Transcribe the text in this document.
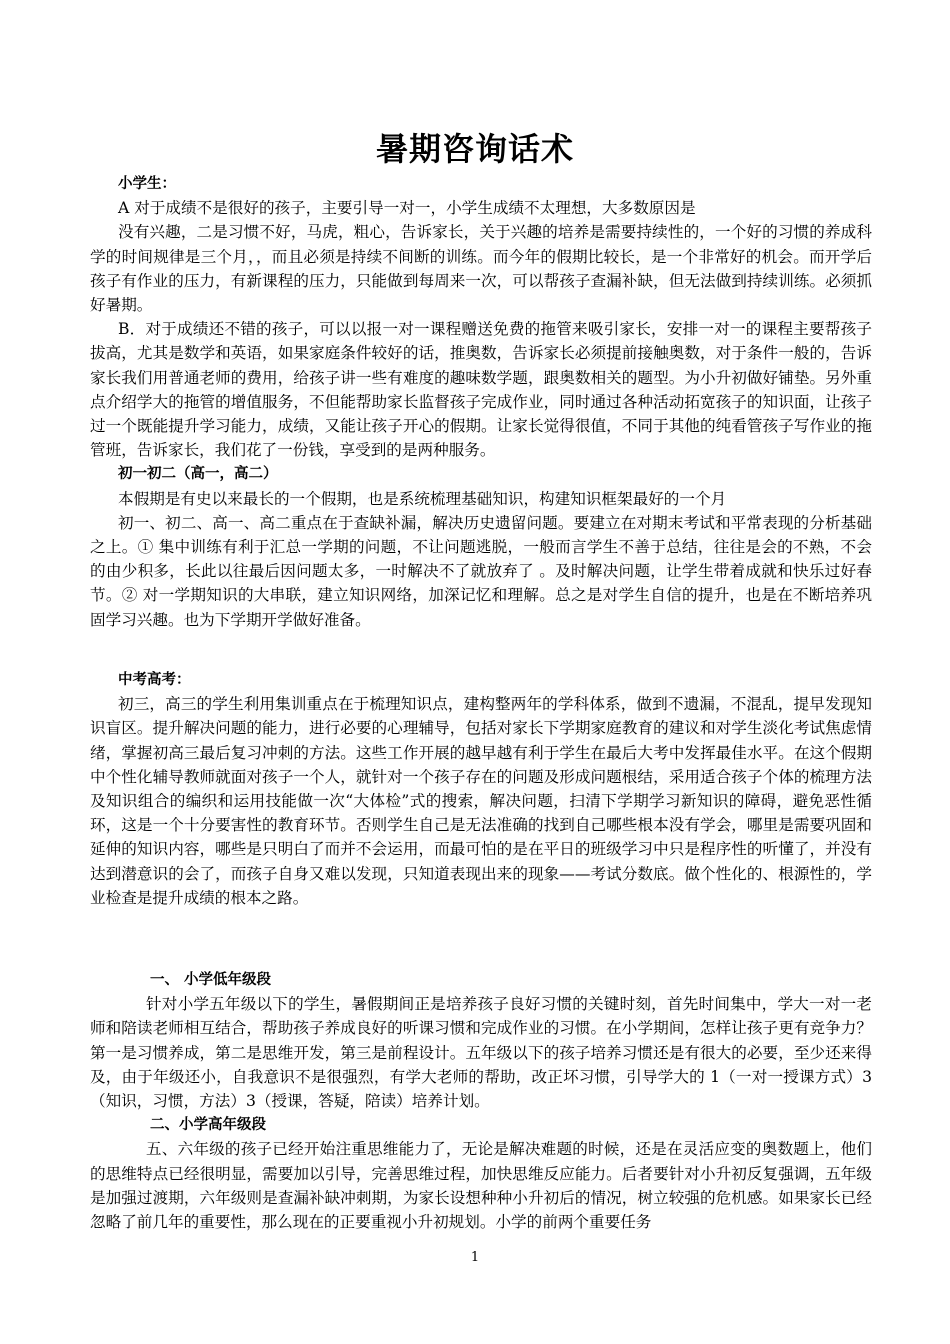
暑期咨询话术

小学生：

A 对于成绩不是很好的孩子，主要引导一对一，小学生成绩不太理想，大多数原因是

没有兴趣，二是习惯不好，马虎，粗心，告诉家长，关于兴趣的培养是需要持续性的，一个好的习惯的养成科学的时间规律是三个月，，而且必须是持续不间断的训练。而今年的假期比较长，是一个非常好的机会。而开学后孩子有作业的压力，有新课程的压力，只能做到每周来一次，可以帮孩子查漏补缺，但无法做到持续训练。必须抓好暑期。

B．对于成绩还不错的孩子，可以以报一对一课程赠送免费的拖管来吸引家长，安排一对一的课程主要帮孩子拔高，尤其是数学和英语，如果家庭条件较好的话，推奥数，告诉家长必须提前接触奥数，对于条件一般的，告诉家长我们用普通老师的费用，给孩子讲一些有难度的趣味数学题，跟奥数相关的题型。为小升初做好铺垫。另外重点介绍学大的拖管的增值服务，不但能帮助家长监督孩子完成作业，同时通过各种活动拓宽孩子的知识面，让孩子过一个既能提升学习能力，成绩，又能让孩子开心的假期。让家长觉得很值，不同于其他的纯看管孩子写作业的拖管班，告诉家长，我们花了一份钱，享受到的是两种服务。

初一初二（高一，高二）

本假期是有史以来最长的一个假期，也是系统梳理基础知识，构建知识框架最好的一个月

初一、初二、高一、高二重点在于查缺补漏，解决历史遗留问题。要建立在对期末考试和平常表现的分析基础之上。① 集中训练有利于汇总一学期的问题，不让问题逃脱，一般而言学生不善于总结，往往是会的不熟，不会的由少积多，长此以往最后因问题太多，一时解决不了就放弃了 。及时解决问题，让学生带着成就和快乐过好春节。② 对一学期知识的大串联，建立知识网络，加深记忆和理解。总之是对学生自信的提升，也是在不断培养巩固学习兴趣。也为下学期开学做好准备。

中考高考：

初三，高三的学生利用集训重点在于梳理知识点，建构整两年的学科体系，做到不遗漏，不混乱，提早发现知识盲区。提升解决问题的能力，进行必要的心理辅导，包括对家长下学期家庭教育的建议和对学生淡化考试焦虑情绪，掌握初高三最后复习冲刺的方法。这些工作开展的越早越有利于学生在最后大考中发挥最佳水平。在这个假期中个性化辅导教师就面对孩子一个人，就针对一个孩子存在的问题及形成问题根结，采用适合孩子个体的梳理方法及知识组合的编织和运用技能做一次“大体检”式的搜索，解决问题，扫清下学期学习新知识的障碍，避免恶性循环，这是一个十分要害性的教育环节。否则学生自己是无法准确的找到自己哪些根本没有学会，哪里是需要巩固和延伸的知识内容，哪些是只明白了而并不会运用，而最可怕的是在平日的班级学习中只是程序性的听懂了，并没有达到潜意识的会了，而孩子自身又难以发现，只知道表现出来的现象——考试分数底。做个性化的、根源性的，学业检查是提升成绩的根本之路。

一、 小学低年级段

针对小学五年级以下的学生，暑假期间正是培养孩子良好习惯的关键时刻，首先时间集中，学大一对一老师和陪读老师相互结合，帮助孩子养成良好的听课习惯和完成作业的习惯。在小学期间，怎样让孩子更有竞争力？第一是习惯养成，第二是思维开发，第三是前程设计。五年级以下的孩子培养习惯还是有很大的必要，至少还来得及，由于年级还小，自我意识不是很强烈，有学大老师的帮助，改正坏习惯，引导学大的 1（一对一授课方式）3（知识，习惯，方法）3（授课，答疑，陪读）培养计划。

二、小学高年级段

五、六年级的孩子已经开始注重思维能力了，无论是解决难题的时候，还是在灵活应变的奥数题上，他们的思维特点已经很明显，需要加以引导，完善思维过程，加快思维反应能力。后者要针对小升初反复强调，五年级是加强过渡期，六年级则是查漏补缺冲刺期，为家长设想种种小升初后的情况，树立较强的危机感。如果家长已经忽略了前几年的重要性，那么现在的正要重视小升初规划。小学的前两个重要任务

1
